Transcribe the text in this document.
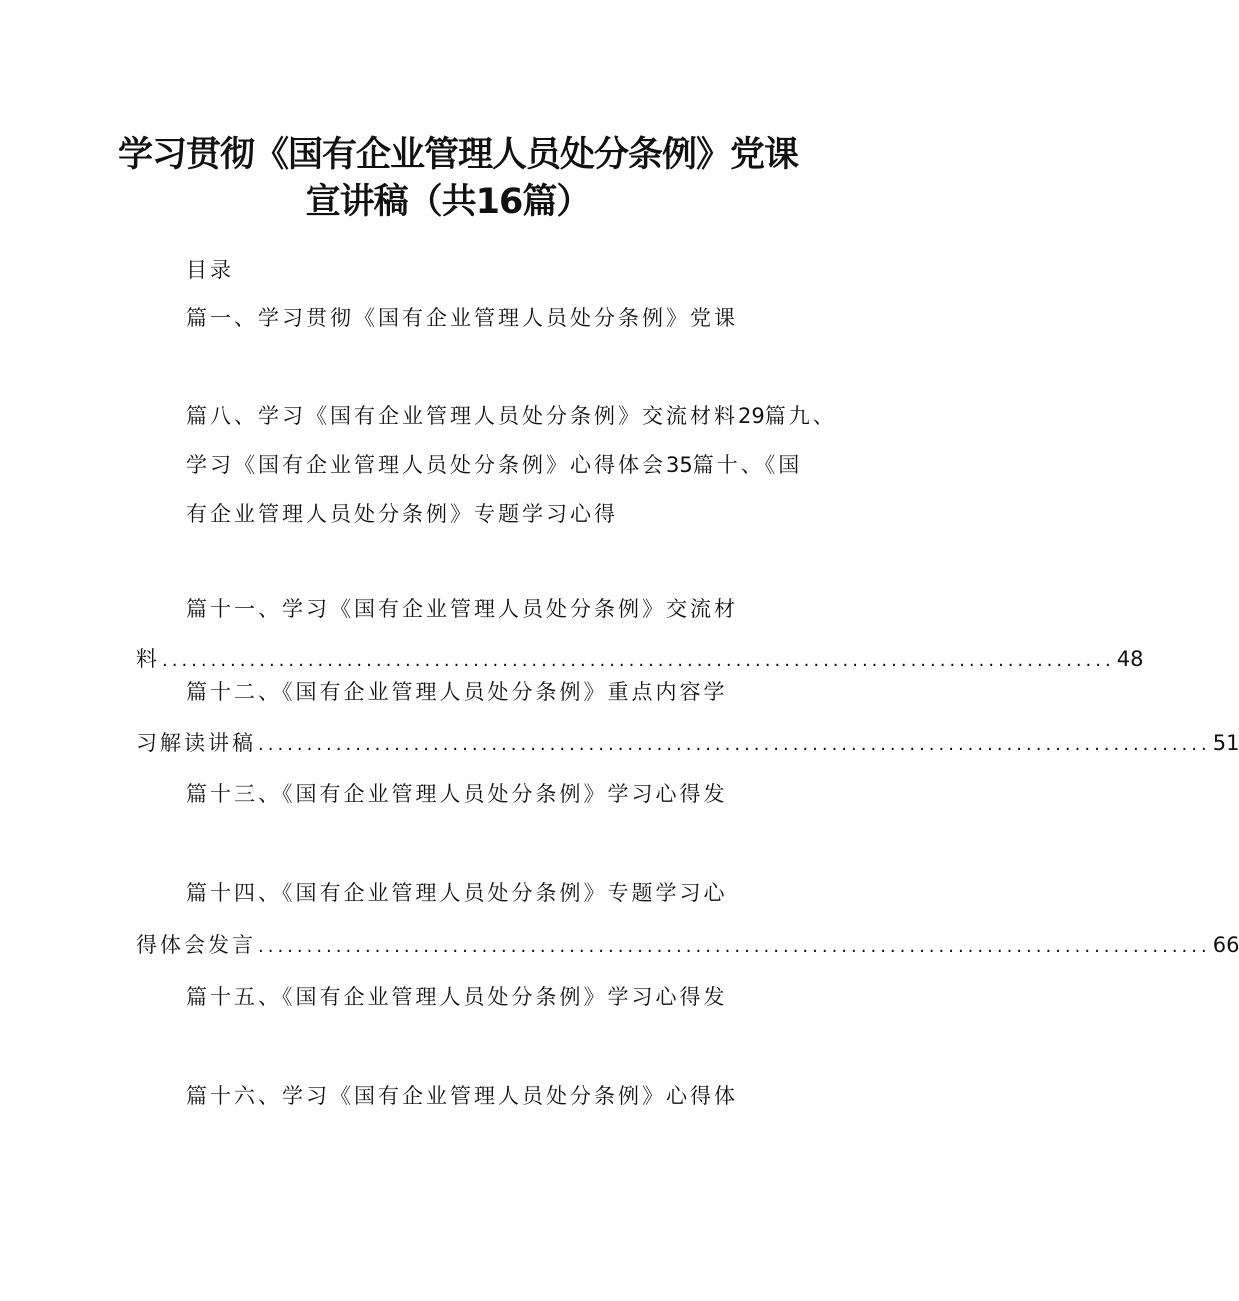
学习贯彻《国有企业管理人员处分条例》党课
宣讲稿（共16篇）

目录

篇一、学习贯彻《国有企业管理人员处分条例》党课

篇八、学习《国有企业管理人员处分条例》交流材料29篇九、

学习《国有企业管理人员处分条例》心得体会35篇十、《国

有企业管理人员处分条例》专题学习心得

篇十一、学习《国有企业管理人员处分条例》交流材

料 .................................................................................................. 48

篇十二、《国有企业管理人员处分条例》重点内容学

习解读讲稿 .................................................................................................. 51

篇十三、《国有企业管理人员处分条例》学习心得发

篇十四、《国有企业管理人员处分条例》专题学习心

得体会发言 .................................................................................................. 66

篇十五、《国有企业管理人员处分条例》学习心得发

篇十六、学习《国有企业管理人员处分条例》心得体
